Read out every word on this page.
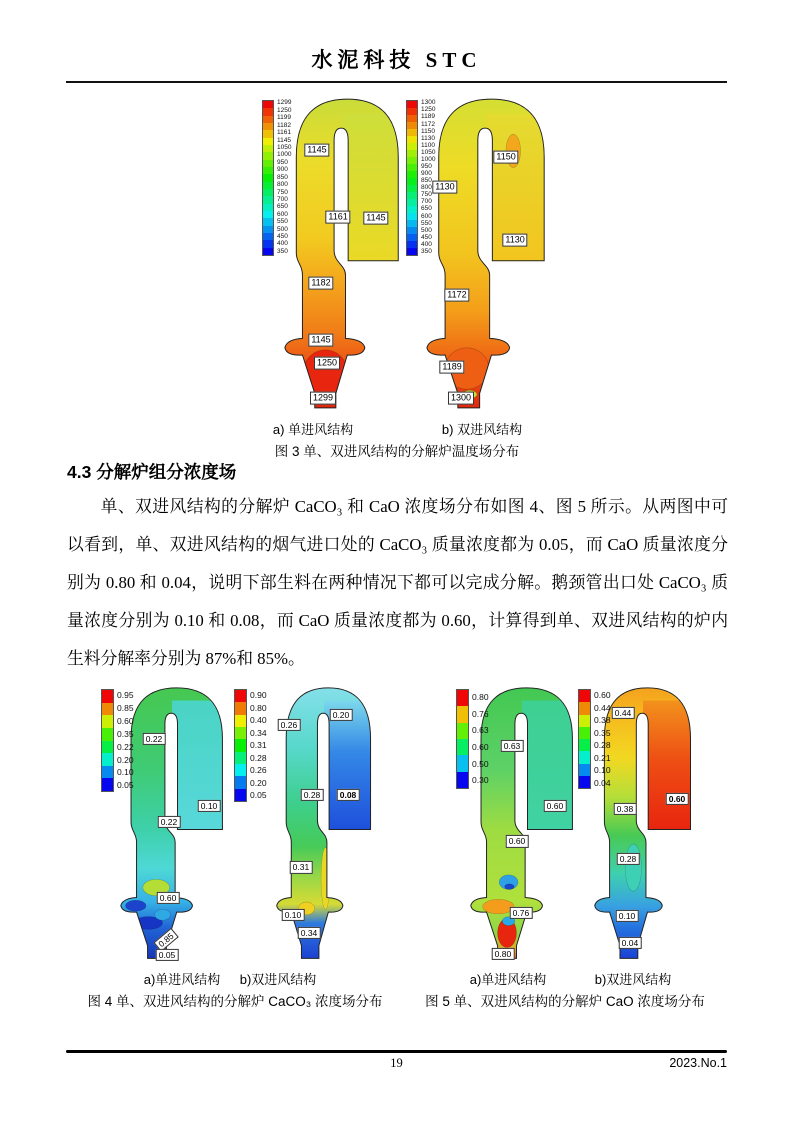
水泥科技 STC
1299
1250
1199
1182
1161
1145
1050
1000
950
900
850
800
750
700
650
600
550
500
450
400
350
1145
1161	1145
1182
1145
1250
1299
1300
1250
1189
1172
1150
1130
1100
1050
1000
950
900
850
800
750
700
650
600
550
500
450
400
350
1150
1130
1130
1172
1189
1300
a) 单进风结构	b) 双进风结构
图 3 单、双进风结构的分解炉温度场分布
4.3 分解炉组分浓度场
单、双进风结构的分解炉 CaCO₃ 和 CaO 浓度场分布如图 4、图 5 所示。从两图中可以看到，单、双进风结构的烟气进口处的 CaCO₃ 质量浓度都为 0.05，而 CaO 质量浓度分别为 0.80 和 0.04，说明下部生料在两种情况下都可以完成分解。鹅颈管出口处 CaCO₃ 质量浓度分别为 0.10 和 0.08，而 CaO 质量浓度都为 0.60，计算得到单、双进风结构的炉内生料分解率分别为 87%和 85%。
0.95
0.85
0.60
0.35
0.22
0.20
0.10
0.05
0.22
0.10
0.22
0.60
0.85
0.05
0.90
0.80
0.40
0.34
0.31
0.28
0.26
0.20
0.05
0.26
0.20
0.28	0.08
0.31
0.10
0.34
a)单进风结构 b)双进风结构
图 4 单、双进风结构的分解炉 CaCO₃ 浓度场分布
0.80
0.76
0.63
0.60
0.50
0.30
0.63
0.60
0.60
0.76
0.80
0.60
0.44
0.38
0.35
0.28
0.21
0.10
0.04
0.44
0.60
0.38
0.28
0.10
0.04
a)单进风结构	b)双进风结构
图 5 单、双进风结构的分解炉 CaO 浓度场分布
19	2023.No.1
